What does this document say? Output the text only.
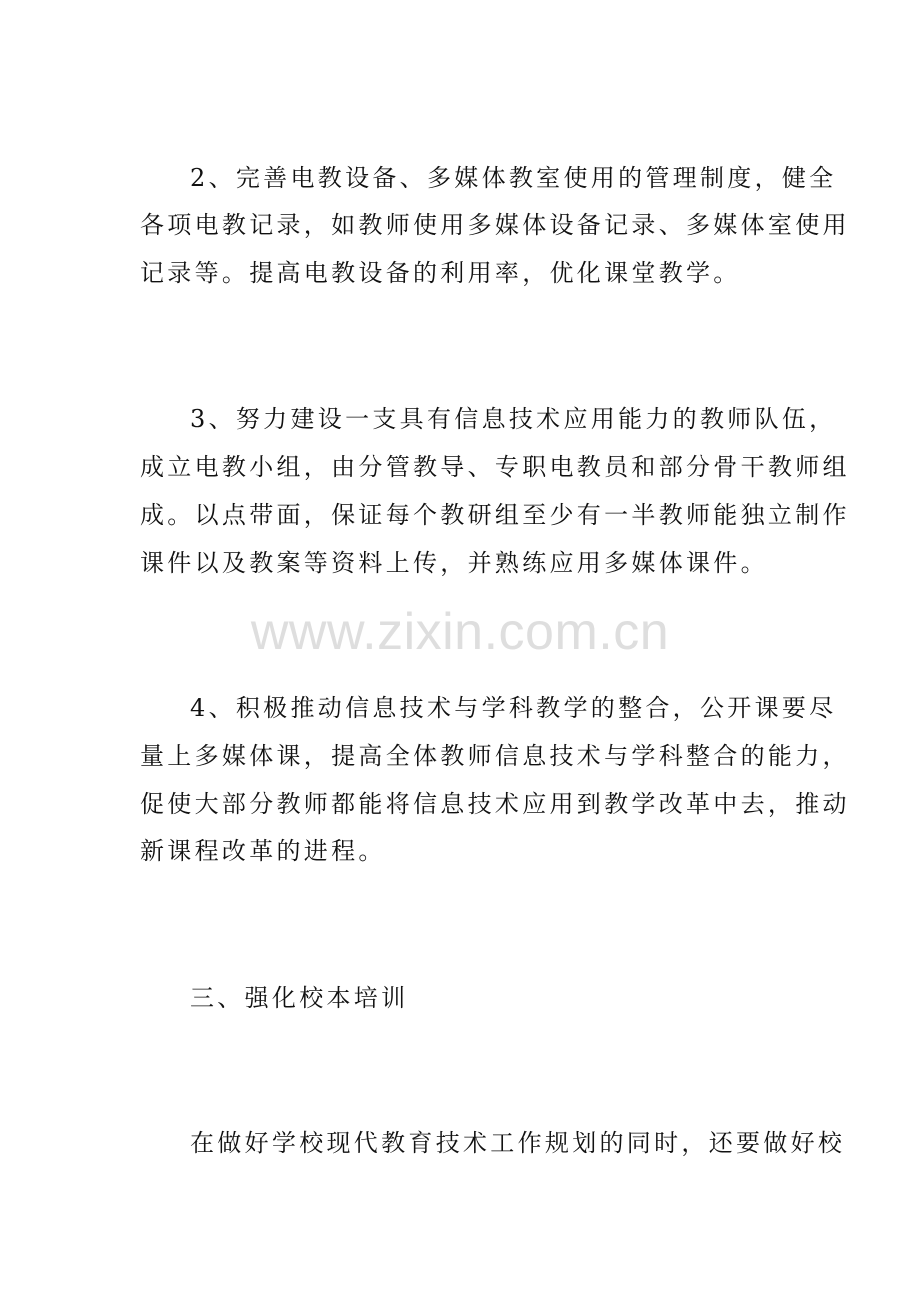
2、完善电教设备、多媒体教室使用的管理制度，健全
各项电教记录，如教师使用多媒体设备记录、多媒体室使用
记录等。提高电教设备的利用率，优化课堂教学。
3、努力建设一支具有信息技术应用能力的教师队伍，
成立电教小组，由分管教导、专职电教员和部分骨干教师组
成。以点带面，保证每个教研组至少有一半教师能独立制作
课件以及教案等资料上传，并熟练应用多媒体课件。
www.zixin.com.cn
4、积极推动信息技术与学科教学的整合，公开课要尽
量上多媒体课，提高全体教师信息技术与学科整合的能力，
促使大部分教师都能将信息技术应用到教学改革中去，推动
新课程改革的进程。
三、强化校本培训
在做好学校现代教育技术工作规划的同时，还要做好校
